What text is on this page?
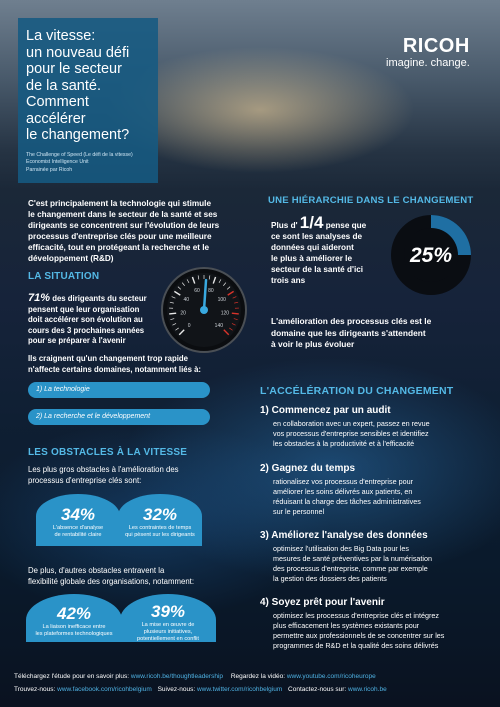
La vitesse:
un nouveau défi
pour le secteur
de la santé.
Comment accélérer
le changement?
The Challenge of Speed (Le défi de la vitesse)
Economist Intelligence Unit
Parrainée par Ricoh
RICOH
imagine. change.
C'est principalement la technologie qui stimule
le changement dans le secteur de la santé et ses
dirigeants se concentrent sur l'évolution de leurs
processus d'entreprise clés pour une meilleure
efficacité, tout en protégeant la recherche et le
développement (R&D)
LA SITUATION
71% des dirigeants du secteur
pensent que leur organisation
doit accélérer son évolution au
cours des 3 prochaines années
pour se préparer à l'avenir
0
20
40
60 80
100
120
140
Ils craignent qu'un changement trop rapide
n'affecte certains domaines, notamment liés à:
1) La technologie
2) La recherche et le développement
LES OBSTACLES À LA VITESSE
Les plus gros obstacles à l'amélioration des
processus d'entreprise clés sont:
34%
L'absence d'analyse
de rentabilité claire
32%
Les contraintes de temps
qui pèsent sur les dirigeants
De plus, d'autres obstacles entravent la
flexibilité globale des organisations, notamment:
42%
La liaison inefficace entre
les plateformes technologiques
39%
La mise en œuvre de
plusieurs initiatives,
potentiellement en conflit
UNE HIÉRARCHIE DANS LE CHANGEMENT
Plus d' 1/4 pense que
ce sont les analyses de
données qui aideront
le plus à améliorer le
secteur de la santé d'ici
trois ans
25%
L'amélioration des processus clés est le
domaine que les dirigeants s'attendent
à voir le plus évoluer
L'ACCÉLÉRATION DU CHANGEMENT
1) Commencez par un audit
en collaboration avec un expert, passez en revue
vos processus d'entreprise sensibles et identifiez
les obstacles à la productivité et à l'efficacité
2) Gagnez du temps
rationalisez vos processus d'entreprise pour
améliorer les soins délivrés aux patients, en
réduisant la charge des tâches administratives
sur le personnel
3) Améliorez l'analyse des données
optimisez l'utilisation des Big Data pour les
mesures de santé préventives par la numérisation
des processus d'entreprise, comme par exemple
la gestion des dossiers des patients
4) Soyez prêt pour l'avenir
optimisez les processus d'entreprise clés et intégrez
plus efficacement les systèmes existants pour
permettre aux professionnels de se concentrer sur les
programmes de R&D et la qualité des soins délivrés
Téléchargez l'étude pour en savoir plus: www.ricoh.be/thoughtleadership Regardez la vidéo: www.youtube.com/ricoheurope
Trouvez-nous: www.facebook.com/ricohbelgium Suivez-nous: www.twitter.com/ricohbelgium Contactez-nous sur: www.ricoh.be
